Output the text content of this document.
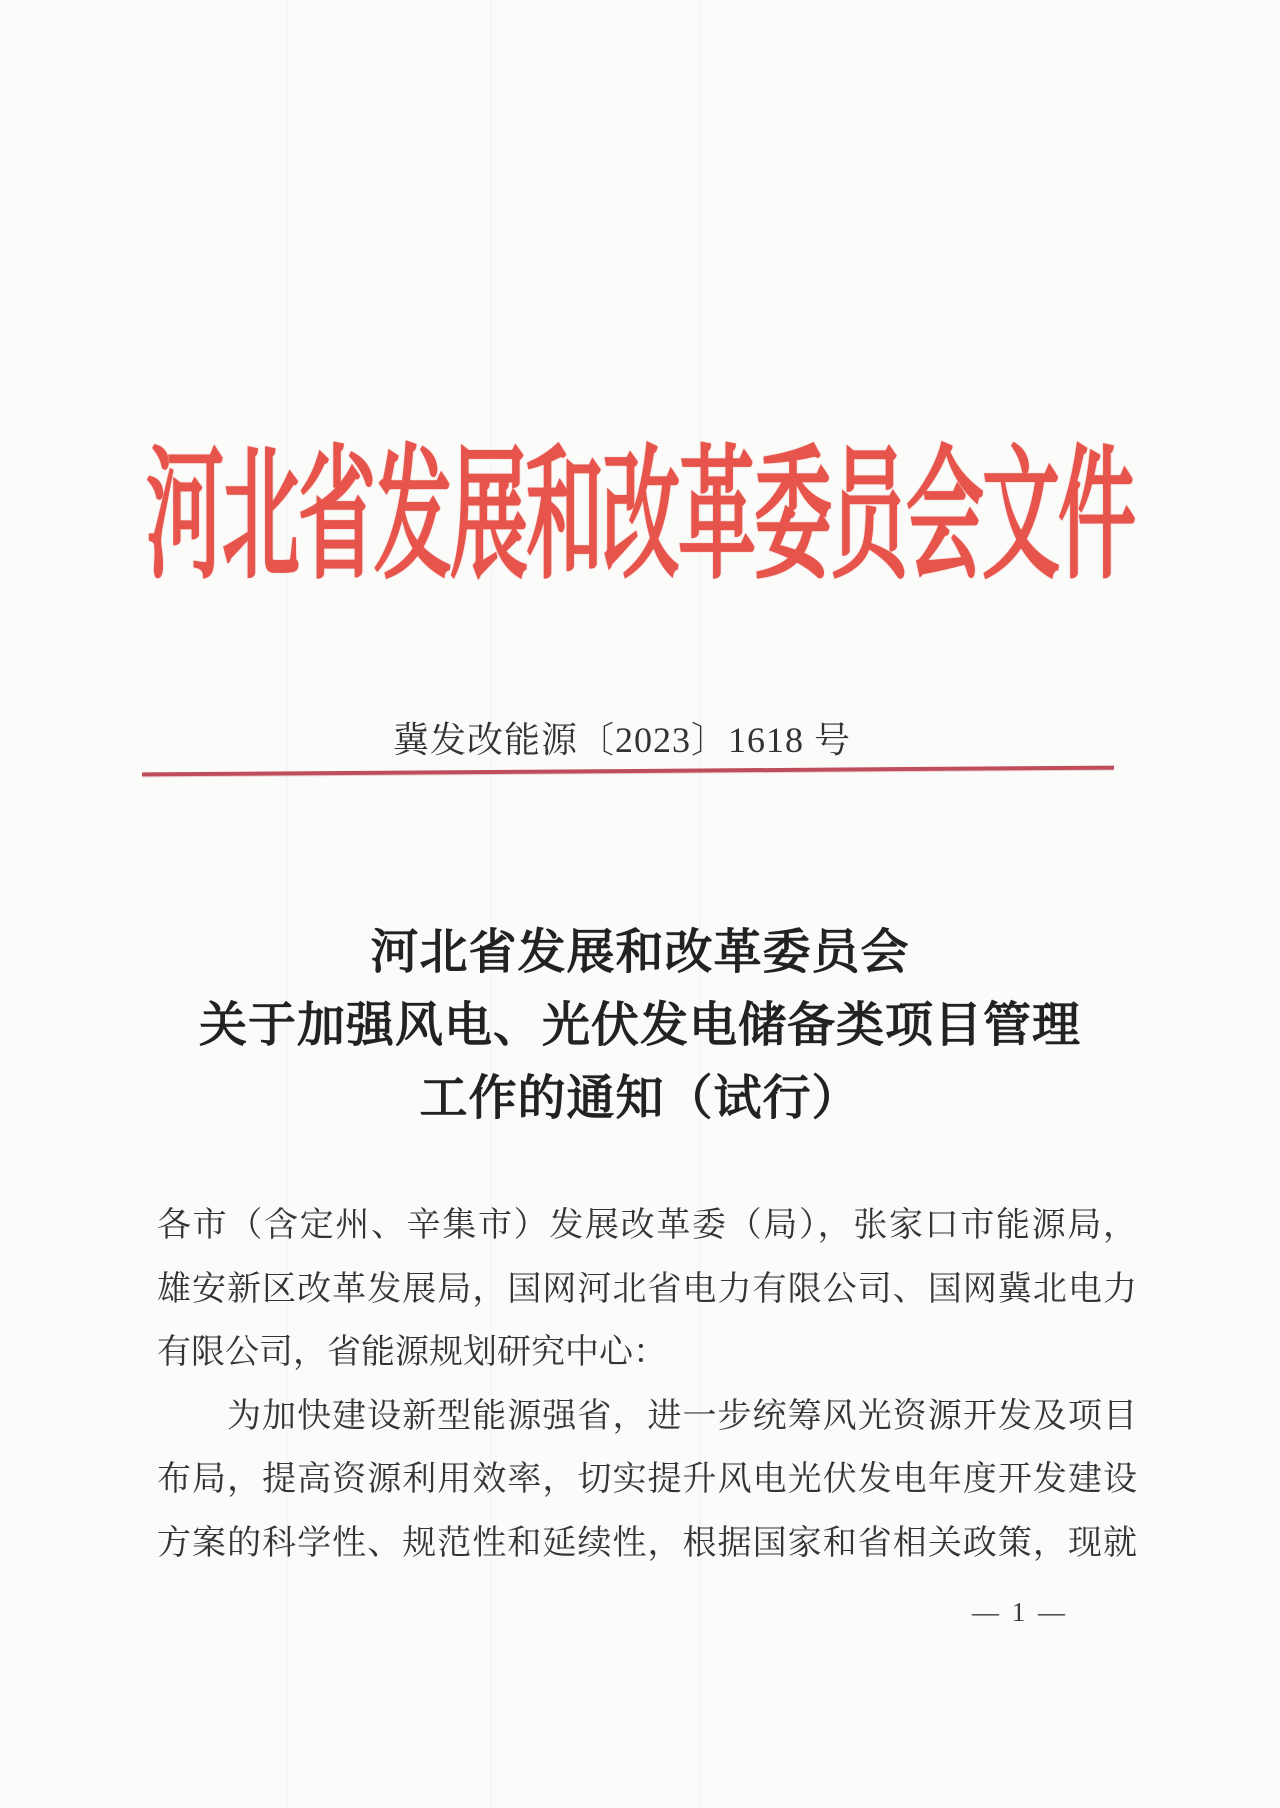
河北省发展和改革委员会文件
冀发改能源〔2023〕1618 号
河北省发展和改革委员会
关于加强风电、光伏发电储备类项目管理
工作的通知（试行）
各市（含定州、辛集市）发展改革委（局），张家口市能源局，
雄安新区改革发展局，国网河北省电力有限公司、国网冀北电力
有限公司，省能源规划研究中心：
为加快建设新型能源强省，进一步统筹风光资源开发及项目
布局，提高资源利用效率，切实提升风电光伏发电年度开发建设
方案的科学性、规范性和延续性，根据国家和省相关政策，现就
— 1 —
